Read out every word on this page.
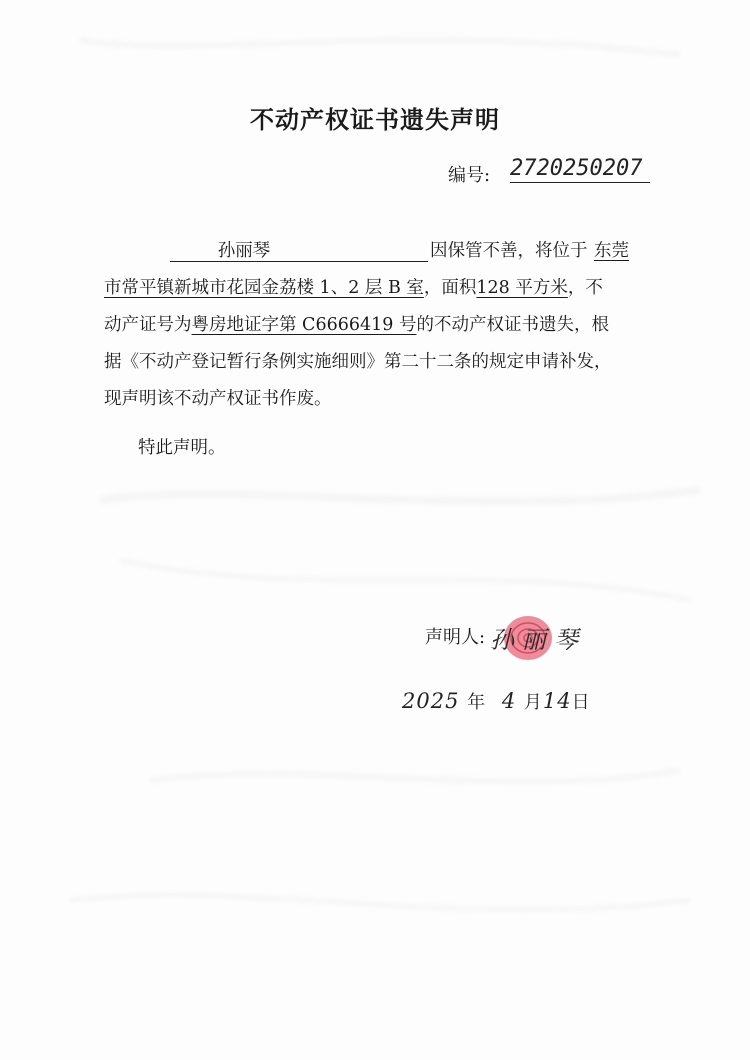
不动产权证书遗失声明
编号: 2720250207
孙丽琴	因保管不善，将位于 东莞
市常平镇新城市花园金荔楼 1、2 层 B 室，面积128 平方米，不
动产证号为粤房地证字第 C6666419 号的不动产权证书遗失，根
据《不动产登记暂行条例实施细则》第二十二条的规定申请补发，
现声明该不动产权证书作废。
特此声明。
声明人: 孙丽琴
2025 年 4 月14日
